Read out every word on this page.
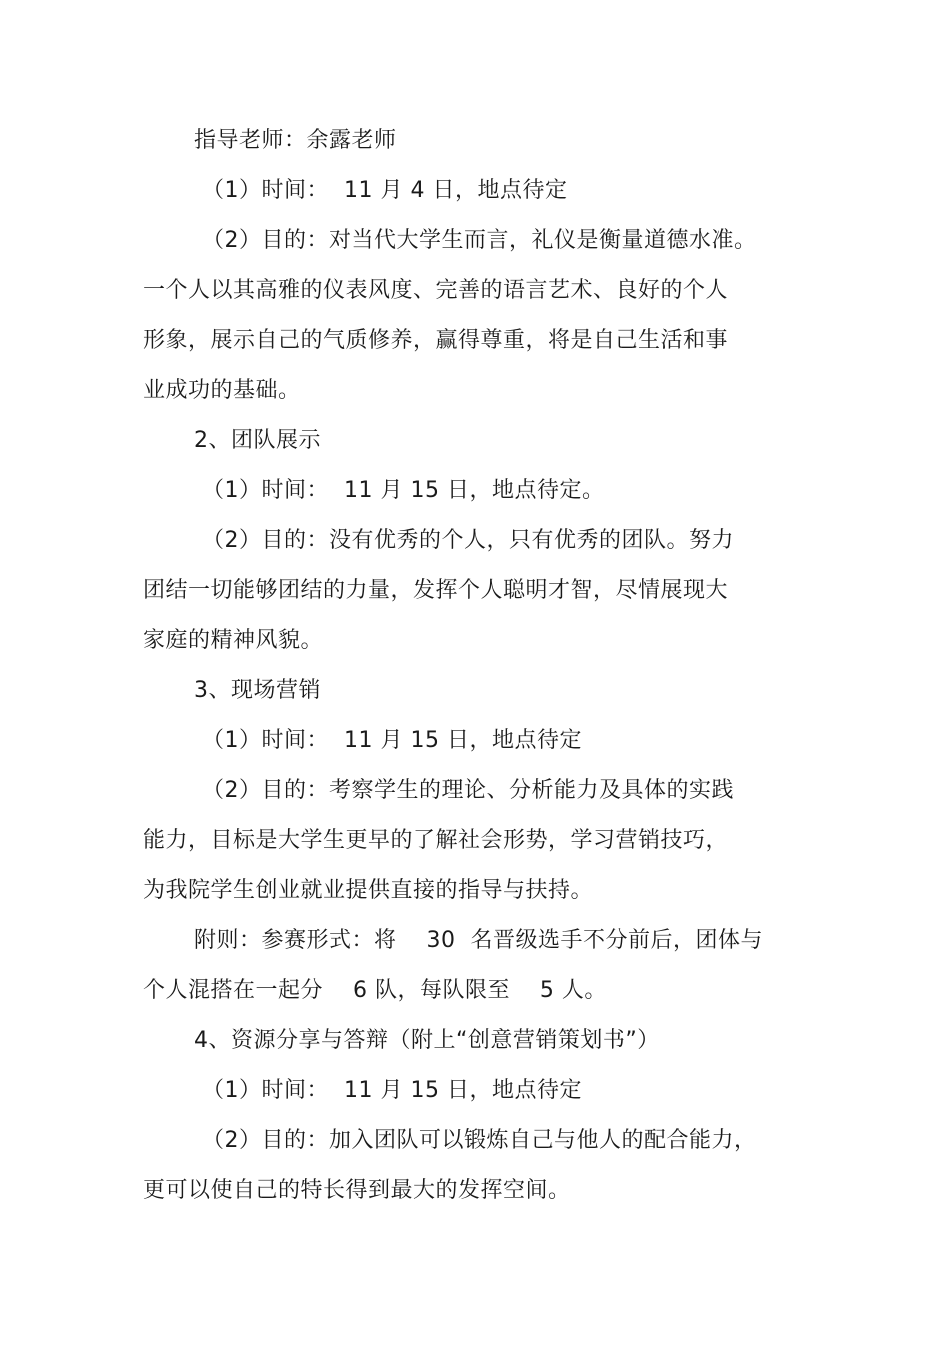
指导老师：余露老师
（1）时间：  11 月 4 日，地点待定
（2）目的：对当代大学生而言，礼仪是衡量道德水准。
一个人以其高雅的仪表风度、完善的语言艺术、良好的个人
形象，展示自己的气质修养，赢得尊重，将是自己生活和事
业成功的基础。
2、团队展示
（1）时间：  11 月 15 日，地点待定。
（2）目的：没有优秀的个人，只有优秀的团队。努力
团结一切能够团结的力量，发挥个人聪明才智，尽情展现大
家庭的精神风貌。
3、现场营销
（1）时间：  11 月 15 日，地点待定
（2）目的：考察学生的理论、分析能力及具体的实践
能力，目标是大学生更早的了解社会形势，学习营销技巧，
为我院学生创业就业提供直接的指导与扶持。
附则：参赛形式：将    30  名晋级选手不分前后，团体与
个人混搭在一起分    6 队，每队限至    5 人。
4、资源分享与答辩（附上“创意营销策划书”）
（1）时间：  11 月 15 日，地点待定
（2）目的：加入团队可以锻炼自己与他人的配合能力，
更可以使自己的特长得到最大的发挥空间。
